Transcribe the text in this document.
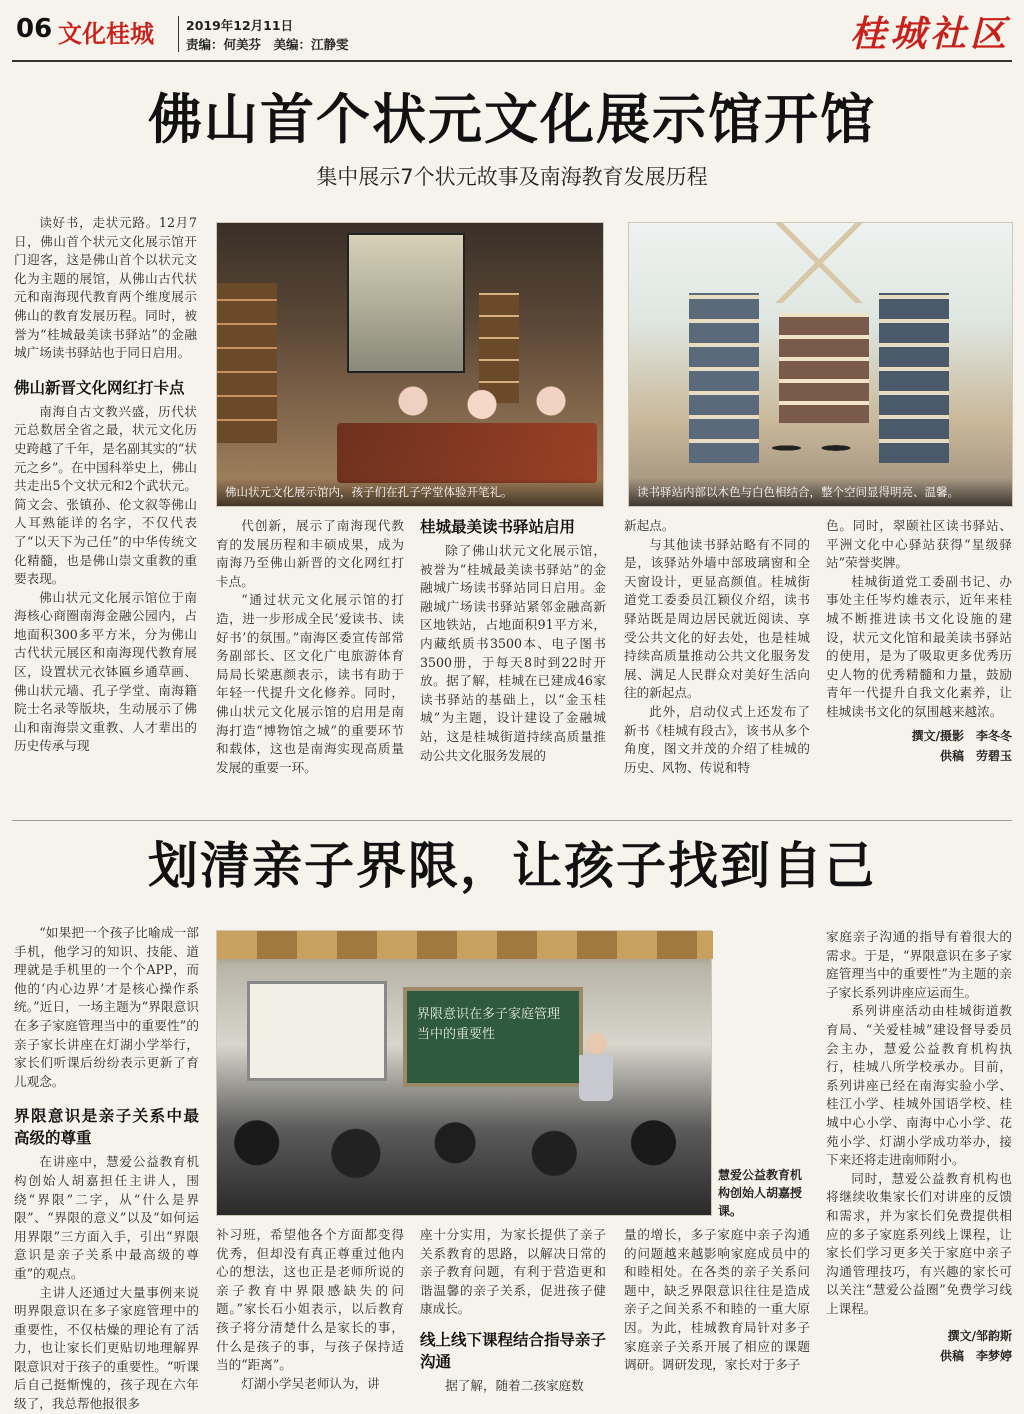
06 文化桂城	2019年12月11日
责编：何美芬　美编：江静雯	桂城社区
佛山首个状元文化展示馆开馆
集中展示7个状元故事及南海教育发展历程

读好书，走状元路。12月7日，佛山首个状元文化展示馆开门迎客，这是佛山首个以状元文化为主题的展馆，从佛山古代状元和南海现代教育两个维度展示佛山的教育发展历程。同时，被誉为“桂城最美读书驿站”的金融城广场读书驿站也于同日启用。

佛山新晋文化网红打卡点

南海自古文教兴盛，历代状元总数居全省之最，状元文化历史跨越了千年，是名副其实的“状元之乡”。在中国科举史上，佛山共走出5个文状元和2个武状元。简文会、张镇孙、伦文叙等佛山人耳熟能详的名字，不仅代表了“以天下为己任”的中华传统文化精髓，也是佛山崇文重教的重要表现。

佛山状元文化展示馆位于南海核心商圈南海金融公园内，占地面积300多平方米，分为佛山古代状元展区和南海现代教育展区，设置状元衣钵匾乡通草画、佛山状元墙、孔子学堂、南海籍院士名录等版块，生动展示了佛山和南海崇文重教、人才辈出的历史传承与现

佛山状元文化展示馆内，孩子们在孔子学堂体验开笔礼。	读书驿站内部以木色与白色相结合，整个空间显得明亮、温馨。

代创新，展示了南海现代教育的发展历程和丰硕成果，成为南海乃至佛山新晋的文化网红打卡点。

“通过状元文化展示馆的打造，进一步形成全民‘爱读书、读好书’的氛围。”南海区委宣传部常务副部长、区文化广电旅游体育局局长梁惠颜表示，读书有助于年轻一代提升文化修养。同时，佛山状元文化展示馆的启用是南海打造“博物馆之城”的重要环节和载体，这也是南海实现高质量发展的重要一环。

桂城最美读书驿站启用

除了佛山状元文化展示馆，被誉为“桂城最美读书驿站”的金融城广场读书驿站同日启用。金融城广场读书驿站紧邻金融高新区地铁站，占地面积91平方米，内藏纸质书3500本、电子图书3500册，于每天8时到22时开放。据了解，桂城在已建成46家读书驿站的基础上，以“金玉桂城”为主题，设计建设了金融城站，这是桂城街道持续高质量推动公共文化服务发展的

新起点。

与其他读书驿站略有不同的是，该驿站外墙中部玻璃窗和全天窗设计，更显高颜值。桂城街道党工委委员江颖仪介绍，读书驿站既是周边居民就近阅读、享受公共文化的好去处，也是桂城持续高质量推动公共文化服务发展、满足人民群众对美好生活向往的新起点。

此外，启动仪式上还发布了新书《桂城有段古》，该书从多个角度，图文并茂的介绍了桂城的历史、风物、传说和特

色。同时，翠颐社区读书驿站、平洲文化中心驿站获得“星级驿站”荣誉奖牌。

桂城街道党工委副书记、办事处主任岑灼雄表示，近年来桂城不断推进读书文化设施的建设，状元文化馆和最美读书驿站的使用，是为了吸取更多优秀历史人物的优秀精髓和力量，鼓励青年一代提升自我文化素养，让桂城读书文化的氛围越来越浓。

撰文/摄影　李冬冬
供稿　劳碧玉
划清亲子界限，让孩子找到自己

“如果把一个孩子比喻成一部手机，他学习的知识、技能、道理就是手机里的一个个APP，而他的‘内心边界’才是核心操作系统。”近日，一场主题为“界限意识在多子家庭管理当中的重要性”的亲子家长讲座在灯湖小学举行，家长们听课后纷纷表示更新了育儿观念。

界限意识是亲子关系中最高级的尊重

在讲座中，慧爱公益教育机构创始人胡嘉担任主讲人，围绕“界限”二字，从“什么是界限”、“界限的意义”以及“如何运用界限”三方面入手，引出“界限意识是亲子关系中最高级的尊重”的观点。

主讲人还通过大量事例来说明界限意识在多子家庭管理中的重要性，不仅枯燥的理论有了活力，也让家长们更贴切地理解界限意识对于孩子的重要性。“听课后自己挺惭愧的，孩子现在六年级了，我总帮他报很多

界限意识在多子家庭管理当中的重要性
慧爱公益教育机构创始人胡嘉授课。

补习班，希望他各个方面都变得优秀，但却没有真正尊重过他内心的想法，这也正是老师所说的亲子教育中界限感缺失的问题。”家长石小姐表示，以后教育孩子将分清楚什么是家长的事，什么是孩子的事，与孩子保持适当的“距离”。

灯湖小学吴老师认为，讲

座十分实用，为家长提供了亲子关系教育的思路，以解决日常的亲子教育问题，有利于营造更和谐温馨的亲子关系，促进孩子健康成长。

线上线下课程结合指导亲子沟通

据了解，随着二孩家庭数

量的增长，多子家庭中亲子沟通的问题越来越影响家庭成员中的和睦相处。在各类的亲子关系问题中，缺乏界限意识往往是造成亲子之间关系不和睦的一重大原因。为此，桂城教育局针对多子家庭亲子关系开展了相应的课题调研。调研发现，家长对于多子

家庭亲子沟通的指导有着很大的需求。于是，“界限意识在多子家庭管理当中的重要性”为主题的亲子家长系列讲座应运而生。

系列讲座活动由桂城街道教育局、“关爱桂城”建设督导委员会主办，慧爱公益教育机构执行，桂城八所学校承办。目前，系列讲座已经在南海实验小学、桂江小学、桂城外国语学校、桂城中心小学、南海中心小学、花苑小学、灯湖小学成功举办，接下来还将走进南师附小。

同时，慧爱公益教育机构也将继续收集家长们对讲座的反馈和需求，并为家长们免费提供相应的多子家庭系列线上课程，让家长们学习更多关于家庭中亲子沟通管理技巧，有兴趣的家长可以关注“慧爱公益圈”免费学习线上课程。

撰文/邹韵斯
供稿　李梦婷
